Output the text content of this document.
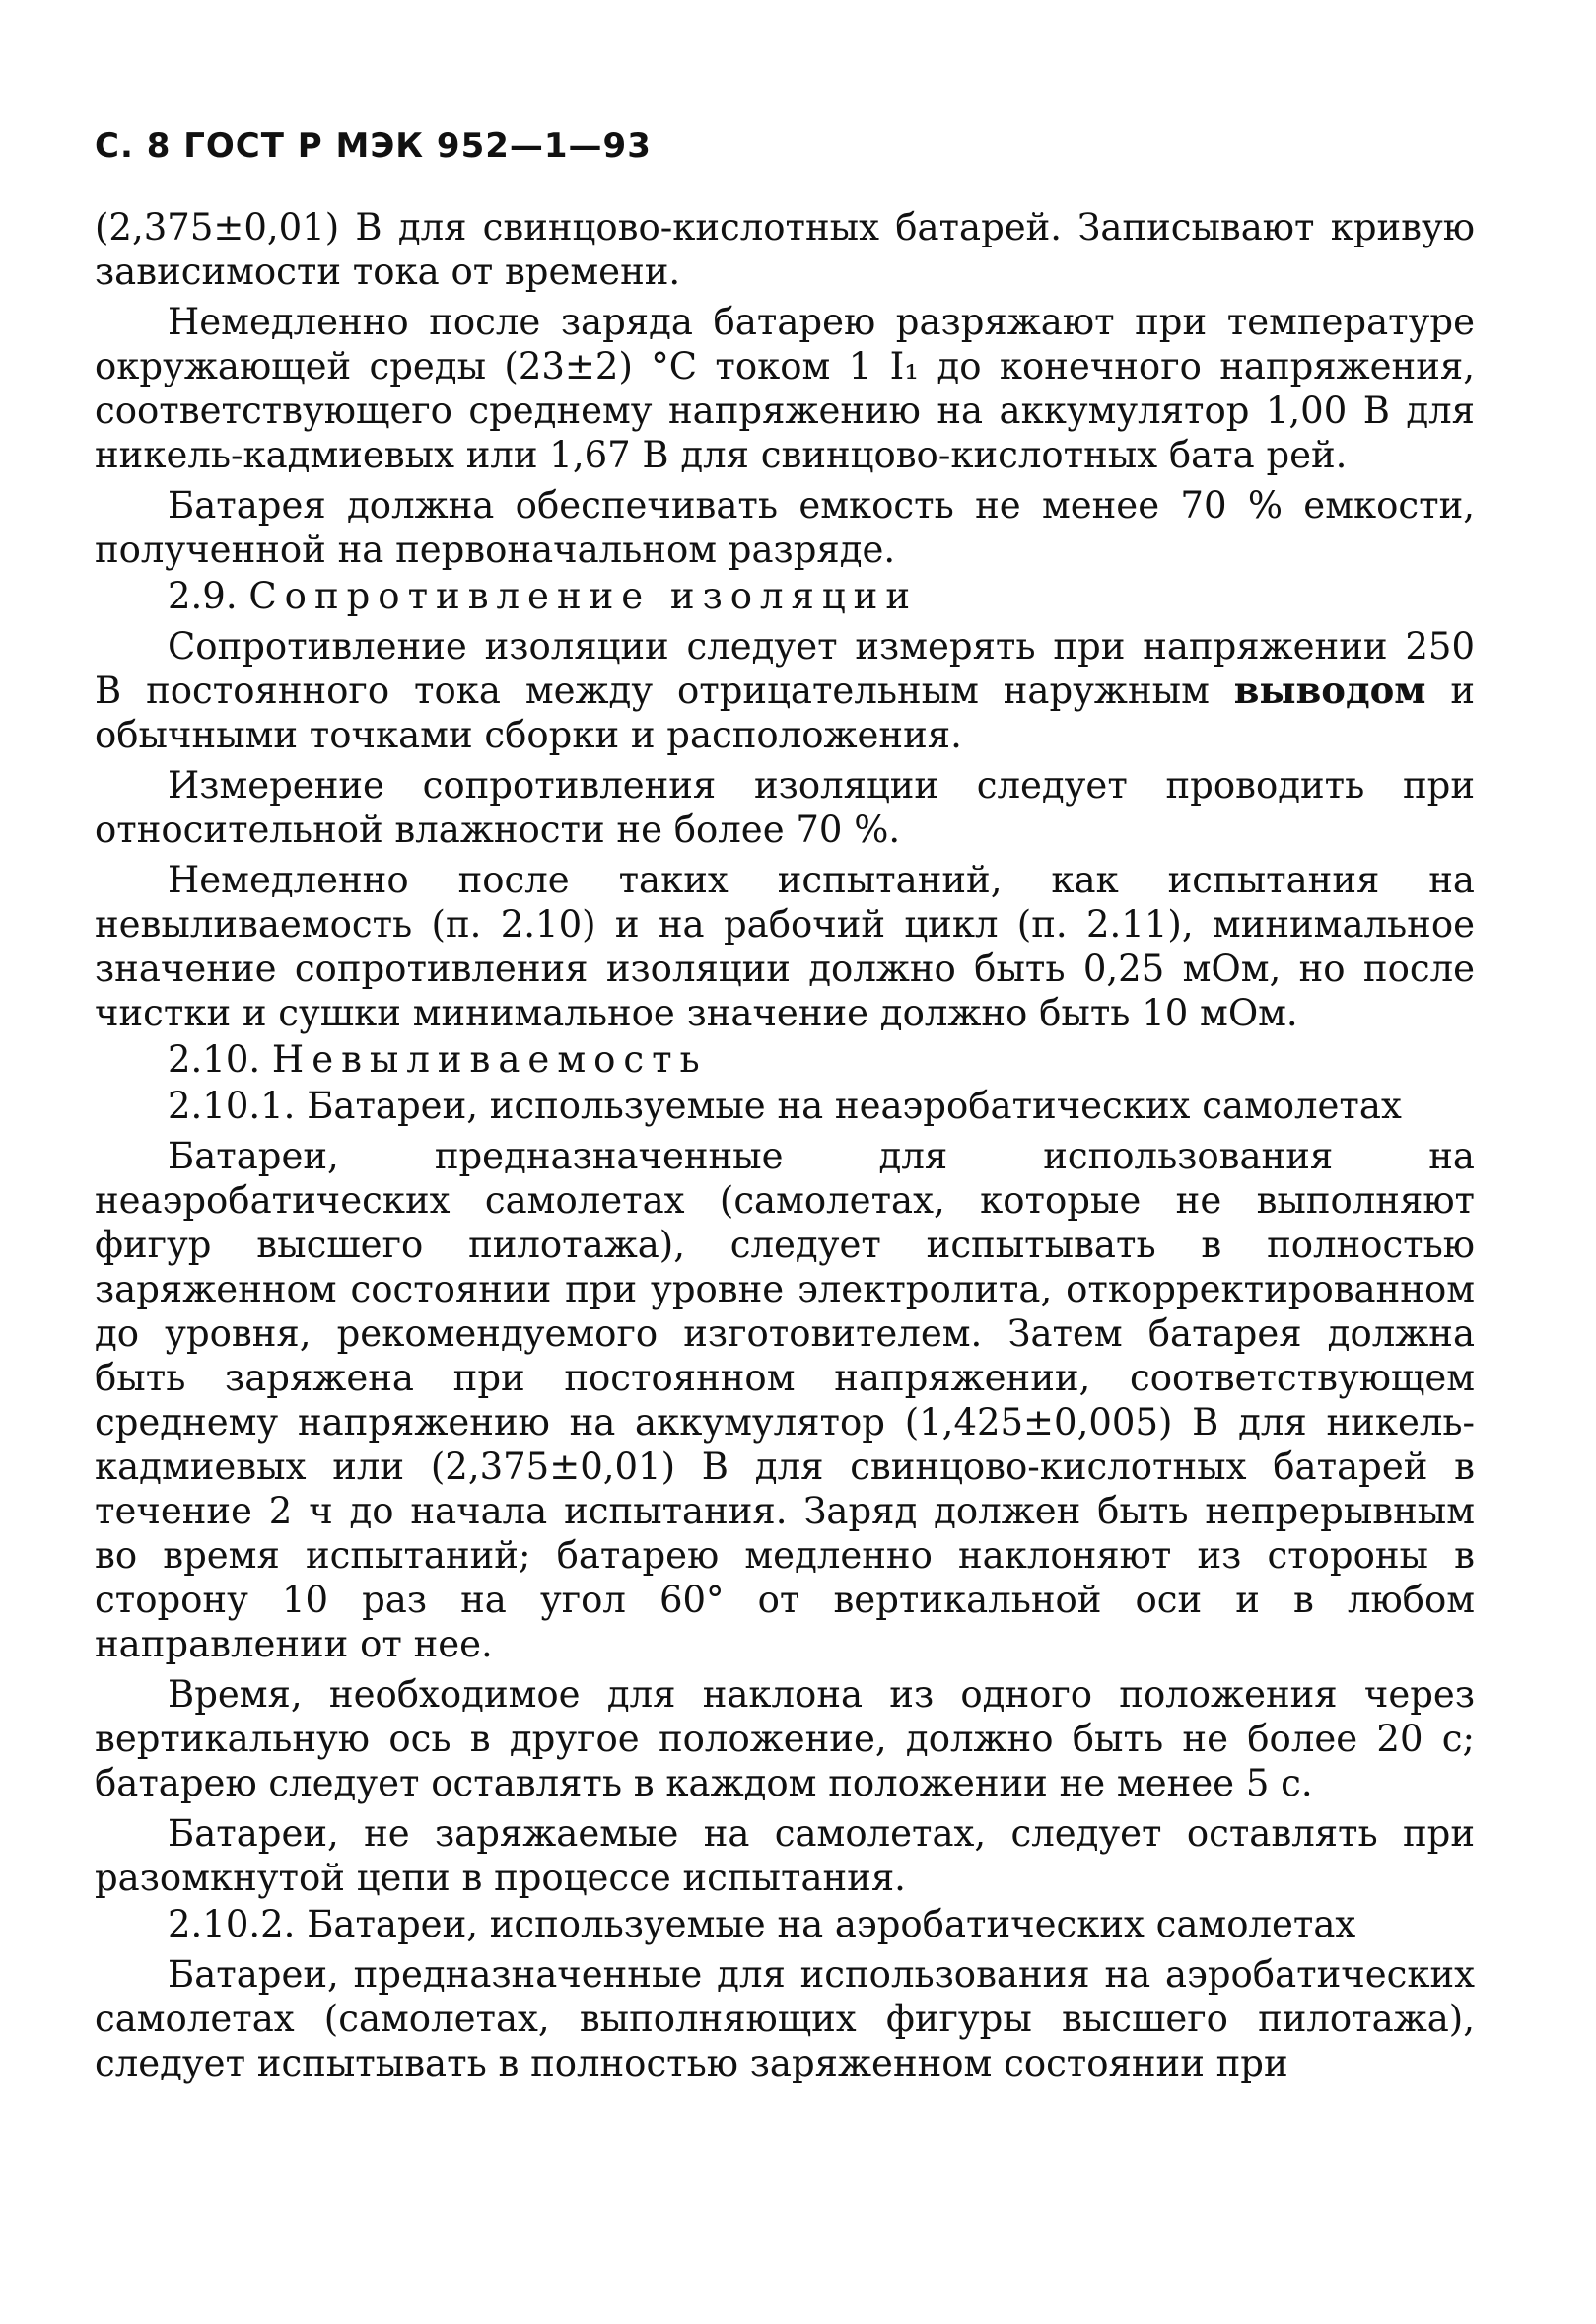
С. 8 ГОСТ Р МЭК 952—1—93

(2,375±0,01) В для свинцово-кислотных батарей. Записывают кривую зависимости тока от времени.

Немедленно после заряда батарею разряжают при температуре окружающей среды (23±2) °С током 1 I₁ до конечного напряжения, соответствующего среднему напряжению на аккумулятор 1,00 В для никель-кадмиевых или 1,67 В для свинцово-кислотных бата рей.

Батарея должна обеспечивать емкость не менее 70 % емкости, полученной на первоначальном разряде.

2.9. Сопротивление изоляции

Сопротивление изоляции следует измерять при напряжении 250 В постоянного тока между отрицательным наружным выводом и обычными точками сборки и расположения.

Измерение сопротивления изоляции следует проводить при относительной влажности не более 70 %.

Немедленно после таких испытаний, как испытания на невыливаемость (п. 2.10) и на рабочий цикл (п. 2.11), минимальное значение сопротивления изоляции должно быть 0,25 мОм, но после чистки и сушки минимальное значение должно быть 10 мОм.

2.10. Невыливаемость
2.10.1. Батареи, используемые на неаэробатических самолетах

Батареи, предназначенные для использования на неаэробатических самолетах (самолетах, которые не выполняют фигур высшего пилотажа), следует испытывать в полностью заряженном состоянии при уровне электролита, откорректированном до уровня, рекомендуемого изготовителем. Затем батарея должна быть заряжена при постоянном напряжении, соответствующем среднему напряжению на аккумулятор (1,425±0,005) В для никель-кадмиевых или (2,375±0,01) В для свинцово-кислотных батарей в течение 2 ч до начала испытания. Заряд должен быть непрерывным во время испытаний; батарею медленно наклоняют из стороны в сторону 10 раз на угол 60° от вертикальной оси и в любом направлении от нее.

Время, необходимое для наклона из одного положения через вертикальную ось в другое положение, должно быть не более 20 с; батарею следует оставлять в каждом положении не менее 5 с.

Батареи, не заряжаемые на самолетах, следует оставлять при разомкнутой цепи в процессе испытания.

2.10.2. Батареи, используемые на аэробатических самолетах

Батареи, предназначенные для использования на аэробатических самолетах (самолетах, выполняющих фигуры высшего пилотажа), следует испытывать в полностью заряженном состоянии при
